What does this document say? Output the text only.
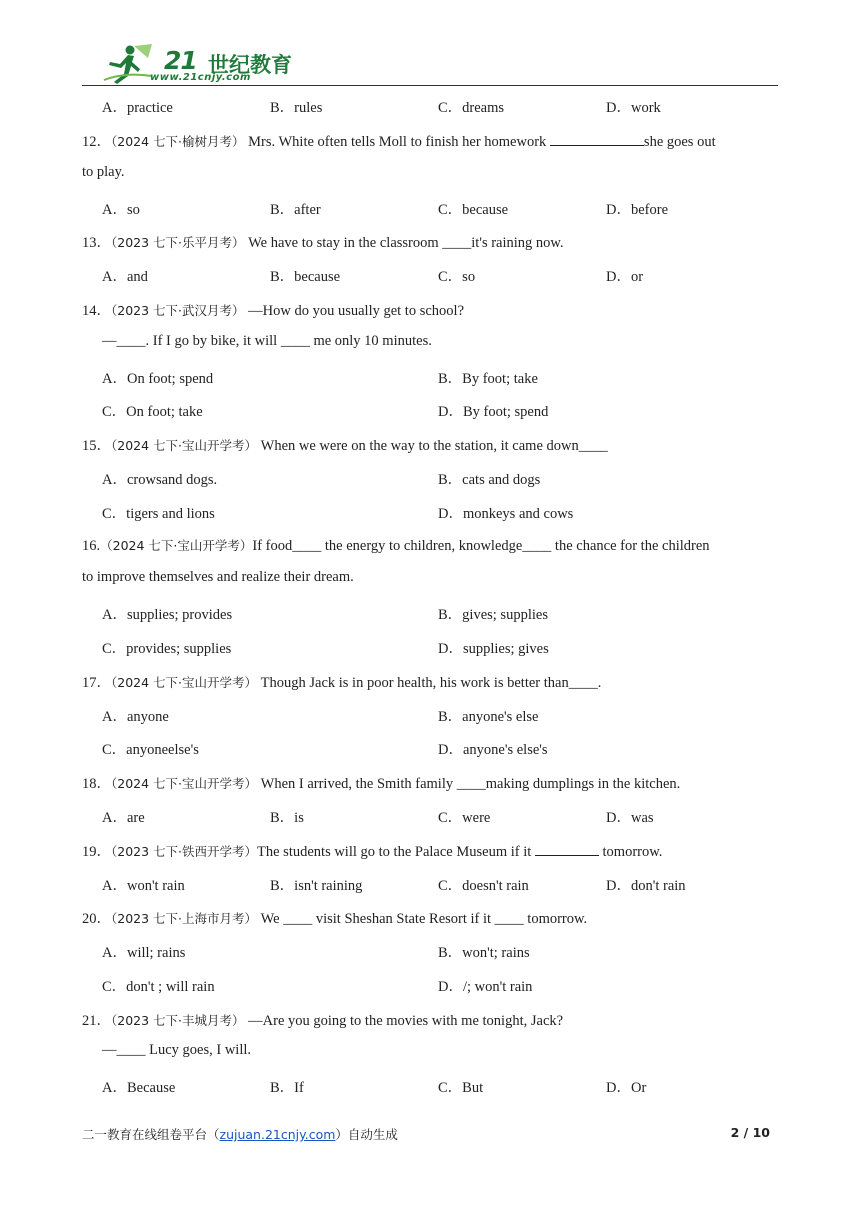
21 世纪教育
www.21cnjy.com
A．practice	B．rules	C．dreams	D．work
12．（2024 七下·榆树月考） Mrs. White often tells Moll to finish her homework	she goes out
to play.
A．so	B．after	C．because	D．before
13．（2023 七下·乐平月考） We have to stay in the classroom ____it's raining now.
A．and	B．because	C．so	D．or
14．（2023 七下·武汉月考） —How do you usually get to school?
—____. If I go by bike, it will ____ me only 10 minutes.
A．On foot; spend	B．By foot; take
C．On foot; take	D．By foot; spend
15．（2024 七下·宝山开学考） When we were on the way to the station, it came down____
A．crowsand dogs.	B．cats and dogs
C．tigers and lions	D．monkeys and cows
16.（2024 七下·宝山开学考）If food____ the energy to children, knowledge____ the chance for the children
to improve themselves and realize their dream.
A．supplies; provides	B．gives; supplies
C．provides; supplies	D．supplies; gives
17．（2024 七下·宝山开学考） Though Jack is in poor health, his work is better than____.
A．anyone	B．anyone's else
C．anyoneelse's	D．anyone's else's
18．（2024 七下·宝山开学考） When I arrived, the Smith family ____making dumplings in the kitchen.
A．are	B．is	C．were	D．was
19．（2023 七下·铁西开学考）The students will go to the Palace Museum if it	tomorrow.
A．won't rain	B．isn't raining	C．doesn't rain	D．don't rain
20．（2023 七下·上海市月考） We ____ visit Sheshan State Resort if it ____ tomorrow.
A．will; rains	B．won't; rains
C．don't ; will rain	D．/; won't rain
21．（2023 七下·丰城月考） —Are you going to the movies with me tonight, Jack?
—____ Lucy goes, I will.
A．Because	B．If	C．But	D．Or
二一教育在线组卷平台（zujuan.21cnjy.com）自动生成	2 / 10
